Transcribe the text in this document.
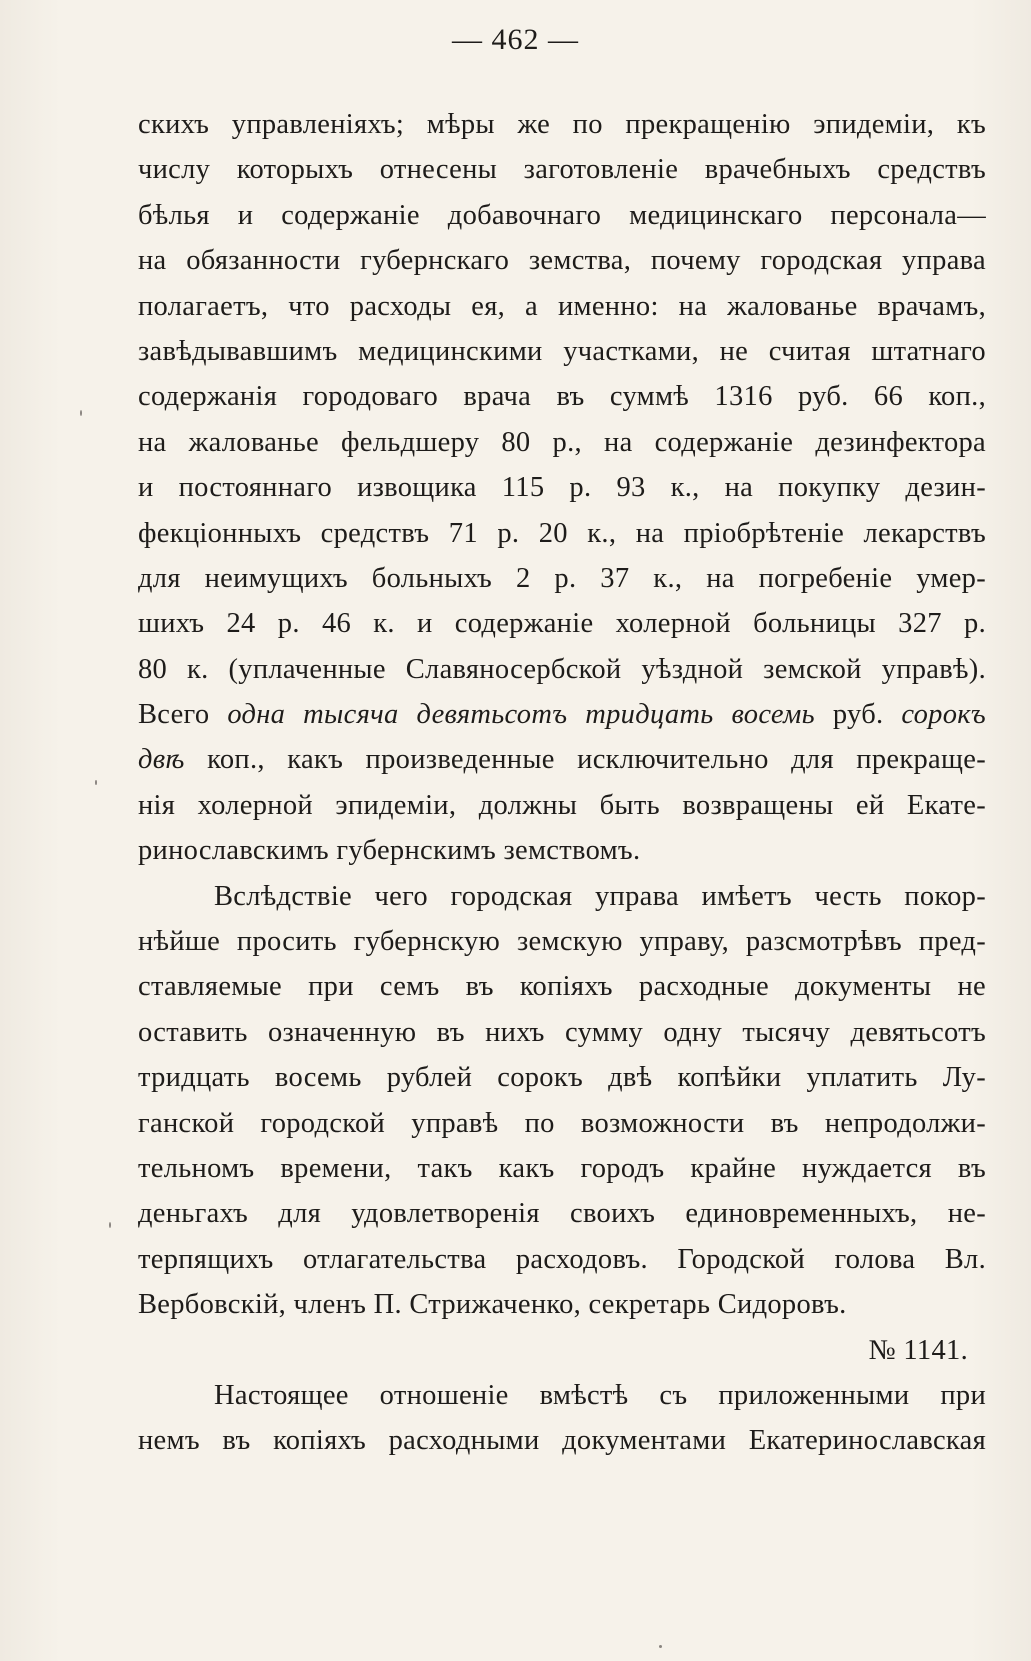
— 462 —
скихъ управленіяхъ; мѣры же по прекращенію эпидеміи, къ
числу которыхъ отнесены заготовленіе врачебныхъ средствъ
бѣлья и содержаніе добавочнаго медицинскаго персонала—
на обязанности губернскаго земства, почему городская управа
полагаетъ, что расходы ея, а именно: на жалованье врачамъ,
завѣдывавшимъ медицинскими участками, не считая штатнаго
содержанія городоваго врача въ суммѣ 1316 руб. 66 коп.,
на жалованье фельдшеру 80 р., на содержаніе дезинфектора
и постояннаго извощика 115 р. 93 к., на покупку дезин-
фекціонныхъ средствъ 71 р. 20 к., на пріобрѣтеніе лекарствъ
для неимущихъ больныхъ 2 р. 37 к., на погребеніе умер-
шихъ 24 р. 46 к. и содержаніе холерной больницы 327 р.
80 к. (уплаченные Славяносербской уѣздной земской управѣ).
Всего одна тысяча девятьсотъ тридцать восемь руб. сорокъ
двѣ коп., какъ произведенные исключительно для прекраще-
нія холерной эпидеміи, должны быть возвращены ей Екате-
ринославскимъ губернскимъ земствомъ.
Вслѣдствіе чего городская управа имѣетъ честь покор-
нѣйше просить губернскую земскую управу, разсмотрѣвъ пред-
ставляемые при семъ въ копіяхъ расходные документы не
оставить означенную въ нихъ сумму одну тысячу девятьсотъ
тридцать восемь рублей сорокъ двѣ копѣйки уплатить Лу-
ганской городской управѣ по возможности въ непродолжи-
тельномъ времени, такъ какъ городъ крайне нуждается въ
деньгахъ для удовлетворенія своихъ единовременныхъ, не-
терпящихъ отлагательства расходовъ. Городской голова Вл.
Вербовскій, членъ П. Стрижаченко, секретарь Сидоровъ.
№ 1141.
Настоящее отношеніе вмѣстѣ съ приложенными при
немъ въ копіяхъ расходными документами Екатеринославская
